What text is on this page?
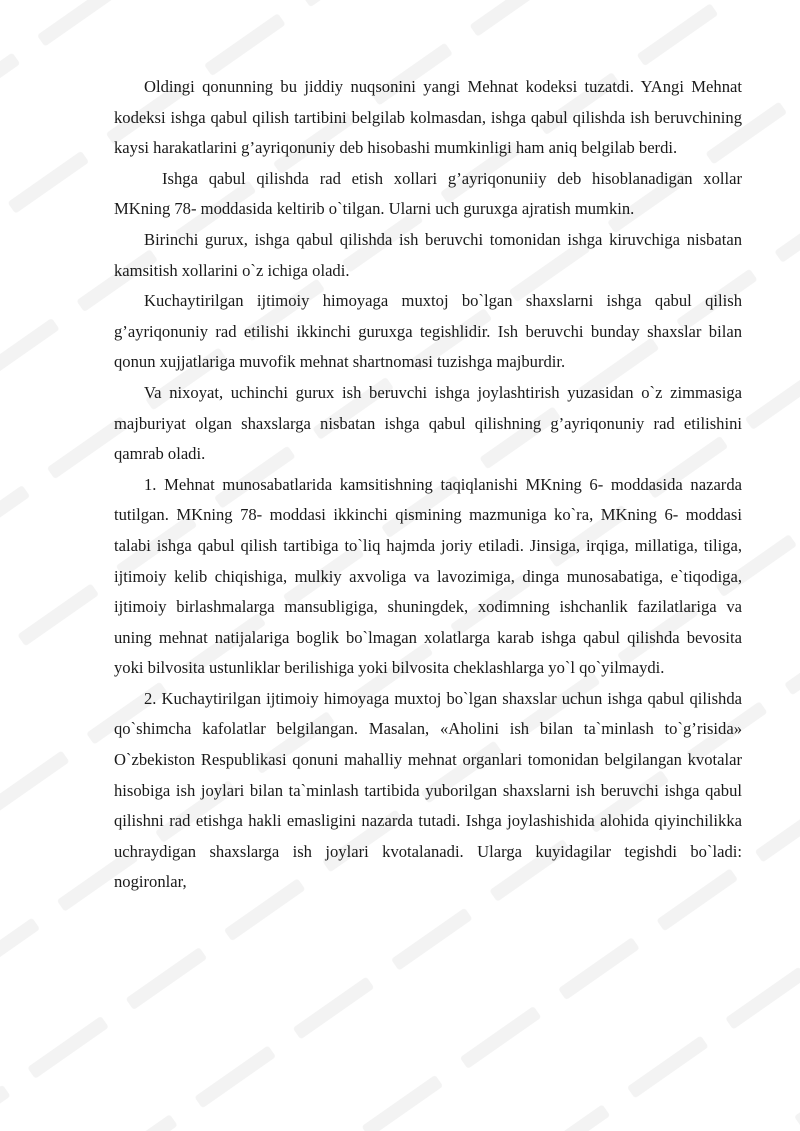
Oldingi qonunning bu jiddiy nuqsonini yangi Mehnat kodeksi tuzatdi. YAngi Mehnat kodeksi ishga qabul qilish tartibini belgilab kolmasdan, ishga qabul qilishda ish beruvchining kaysi harakatlarini g’ayriqonuniy deb hisobashi mumkinligi ham aniq belgilab berdi.

Ishga qabul qilishda rad etish xollari g’ayriqonuniiy deb hisoblanadigan xollar MKning 78- moddasida keltirib o`tilgan. Ularni uch guruxga ajratish mumkin.

Birinchi gurux, ishga qabul qilishda ish beruvchi tomonidan ishga kiruvchiga nisbatan kamsitish xollarini o`z ichiga oladi.

Kuchaytirilgan ijtimoiy himoyaga muxtoj bo`lgan shaxslarni ishga qabul qilish g’ayriqonuniy rad etilishi ikkinchi guruxga tegishlidir. Ish beruvchi bunday shaxslar bilan qonun xujjatlariga muvofik mehnat shartnomasi tuzishga majburdir.

Va nixoyat, uchinchi gurux ish beruvchi ishga joylashtirish yuzasidan o`z zimmasiga majburiyat olgan shaxslarga nisbatan ishga qabul qilishning g’ayriqonuniy rad etilishini qamrab oladi.

1. Mehnat munosabatlarida kamsitishning taqiqlanishi MKning 6- moddasida nazarda tutilgan. MKning 78- moddasi ikkinchi qismining mazmuniga ko`ra, MKning 6- moddasi talabi ishga qabul qilish tartibiga to`liq hajmda joriy etiladi. Jinsiga, irqiga, millatiga, tiliga, ijtimoiy kelib chiqishiga, mulkiy axvoliga va lavozimiga, dinga munosabatiga, e`tiqodiga, ijtimoiy birlashmalarga mansubligiga, shuningdek, xodimning ishchanlik fazilatlariga va uning mehnat natijalariga boglik bo`lmagan xolatlarga karab ishga qabul qilishda bevosita yoki bilvosita ustunliklar berilishiga yoki bilvosita cheklashlarga yo`l qo`yilmaydi.

2. Kuchaytirilgan ijtimoiy himoyaga muxtoj bo`lgan shaxslar uchun ishga qabul qilishda qo`shimcha kafolatlar belgilangan. Masalan, «Aholini ish bilan ta`minlash to`g’risida» O`zbekiston Respublikasi qonuni mahalliy mehnat organlari tomonidan belgilangan kvotalar hisobiga ish joylari bilan ta`minlash tartibida yuborilgan shaxslarni ish beruvchi ishga qabul qilishni rad etishga hakli emasligini nazarda tutadi. Ishga joylashishida alohida qiyinchilikka uchraydigan shaxslarga ish joylari kvotalanadi. Ularga kuyidagilar tegishdi bo`ladi: nogironlar,
